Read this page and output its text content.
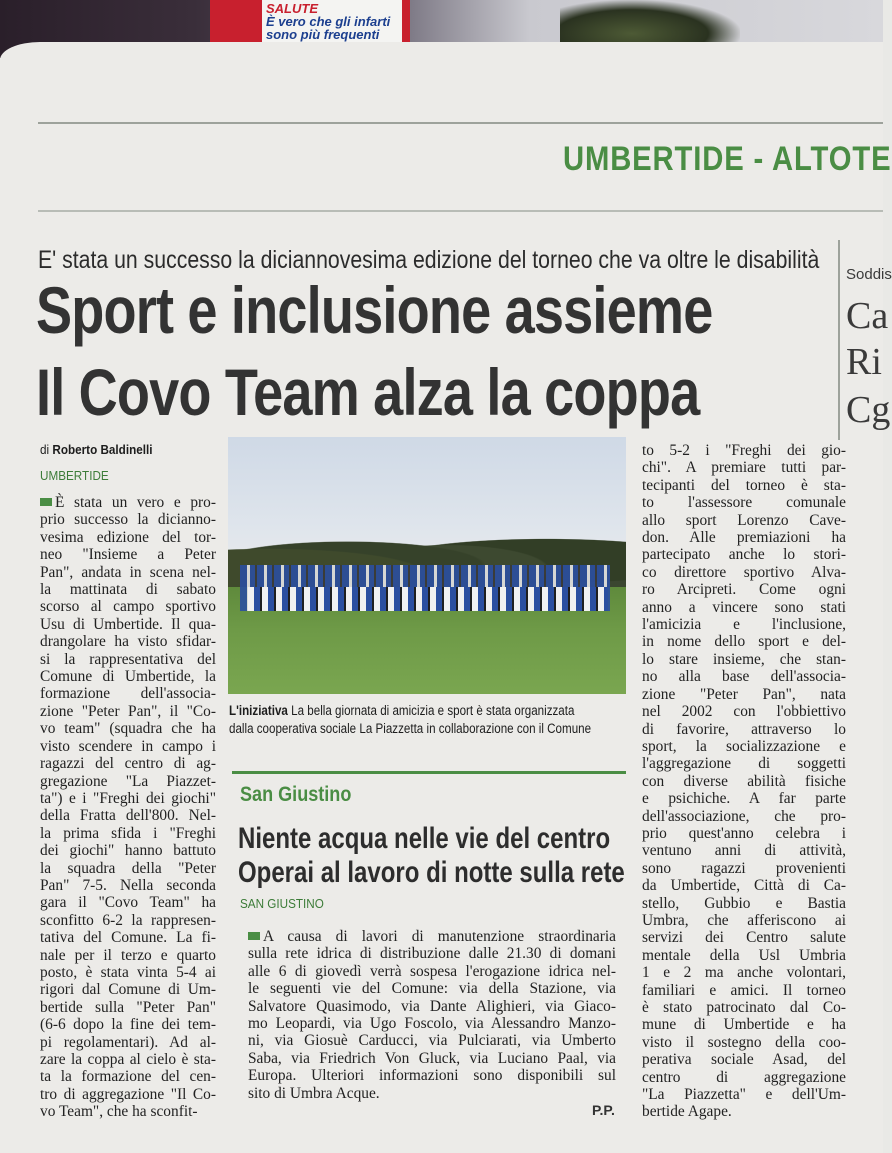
SALUTE
È vero che gli infarti sono più frequenti
UMBERTIDE - ALTOTE
E' stata un successo la diciannovesima edizione del torneo che va oltre le disabilità
Sport e inclusione assieme
Il Covo Team alza la coppa
Soddis
Ca
Ri
Cg
di Roberto Baldinelli
UMBERTIDE

È stata un vero e pro-

prio successo la dicianno-

vesima edizione del tor-

neo "Insieme a Peter

Pan", andata in scena nel-

la mattinata di sabato

scorso al campo sportivo

Usu di Umbertide. Il qua-

drangolare ha visto sfidar-

si la rappresentativa del

Comune di Umbertide, la

formazione dell'associa-

zione "Peter Pan", il "Co-

vo team" (squadra che ha

visto scendere in campo i

ragazzi del centro di ag-

gregazione "La Piazzet-

ta") e i "Freghi dei giochi"

della Fratta dell'800. Nel-

la prima sfida i "Freghi

dei giochi" hanno battuto

la squadra della "Peter

Pan" 7-5. Nella seconda

gara il "Covo Team" ha

sconfitto 6-2 la rappresen-

tativa del Comune. La fi-

nale per il terzo e quarto

posto, è stata vinta 5-4 ai

rigori dal Comune di Um-

bertide sulla "Peter Pan"

(6-6 dopo la fine dei tem-

pi regolamentari). Ad al-

zare la coppa al cielo è sta-

ta la formazione del cen-

tro di aggregazione "Il Co-

vo Team", che ha sconfit-

L'iniziativa La bella giornata di amicizia e sport è stata organizzata
dalla cooperativa sociale La Piazzetta in collaborazione con il Comune
San Giustino
Niente acqua nelle vie del centro
Operai al lavoro di notte sulla rete
SAN GIUSTINO

A causa di lavori di manutenzione straordinaria

sulla rete idrica di distribuzione dalle 21.30 di domani

alle 6 di giovedì verrà sospesa l'erogazione idrica nel-

le seguenti vie del Comune: via della Stazione, via

Salvatore Quasimodo, via Dante Alighieri, via Giaco-

mo Leopardi, via Ugo Foscolo, via Alessandro Manzo-

ni, via Giosuè Carducci, via Pulciarati, via Umberto

Saba, via Friedrich Von Gluck, via Luciano Paal, via

Europa. Ulteriori informazioni sono disponibili sul

sito di Umbra Acque.

P.P.

to 5-2 i "Freghi dei gio-

chi". A premiare tutti par-

tecipanti del torneo è sta-

to l'assessore comunale

allo sport Lorenzo Cave-

don. Alle premiazioni ha

partecipato anche lo stori-

co direttore sportivo Alva-

ro Arcipreti. Come ogni

anno a vincere sono stati

l'amicizia e l'inclusione,

in nome dello sport e del-

lo stare insieme, che stan-

no alla base dell'associa-

zione "Peter Pan", nata

nel 2002 con l'obbiettivo

di favorire, attraverso lo

sport, la socializzazione e

l'aggregazione di soggetti

con diverse abilità fisiche

e psichiche. A far parte

dell'associazione, che pro-

prio quest'anno celebra i

ventuno anni di attività,

sono ragazzi provenienti

da Umbertide, Città di Ca-

stello, Gubbio e Bastia

Umbra, che afferiscono ai

servizi dei Centro salute

mentale della Usl Umbria

1 e 2 ma anche volontari,

familiari e amici. Il torneo

è stato patrocinato dal Co-

mune di Umbertide e ha

visto il sostegno della coo-

perativa sociale Asad, del

centro di aggregazione

"La Piazzetta" e dell'Um-

bertide Agape.
